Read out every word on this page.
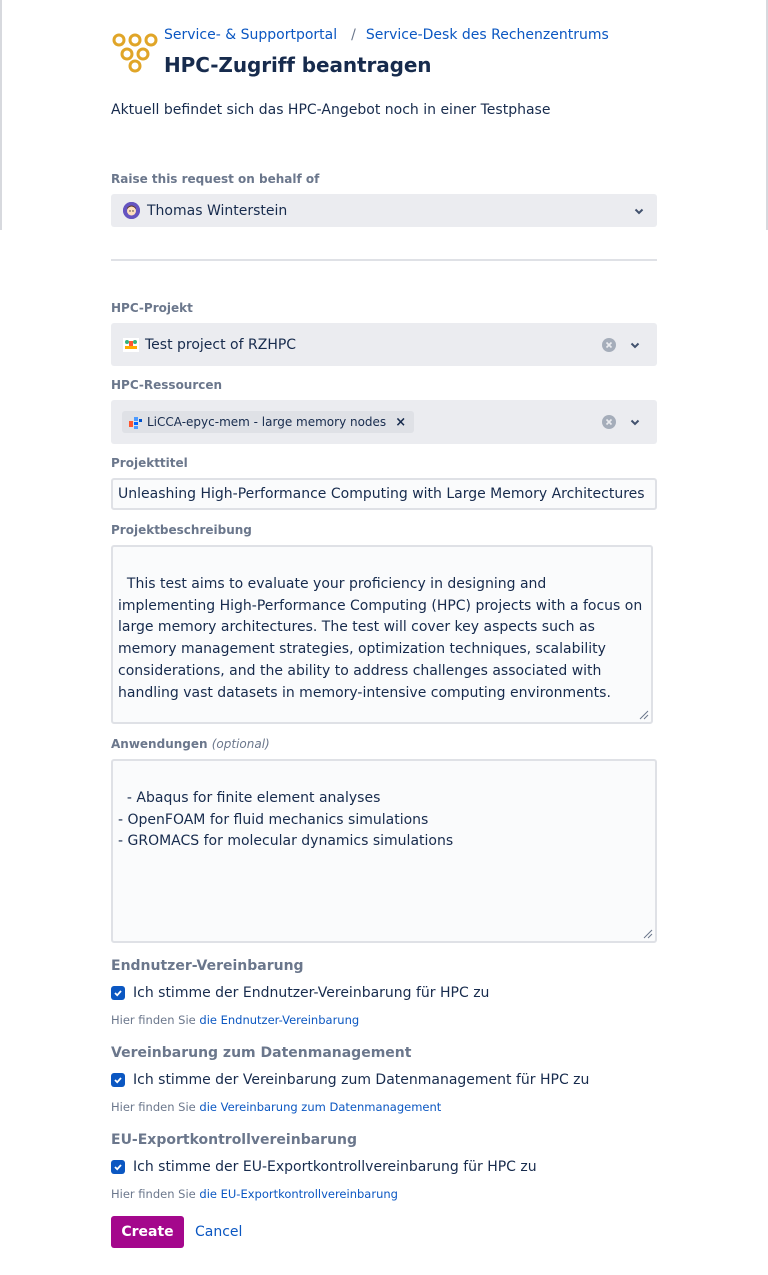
Service- & Supportportal / Service-Desk des Rechenzentrums
HPC-Zugriff beantragen
Aktuell befindet sich das HPC-Angebot noch in einer Testphase
Raise this request on behalf of
Thomas Winterstein
HPC-Projekt
Test project of RZHPC
HPC-Ressourcen
LiCCA-epyc-mem - large memory nodes ×
Projekttitel
Unleashing High-Performance Computing with Large Memory Architectures
Projektbeschreibung

This test aims to evaluate your proficiency in designing and implementing High-Performance Computing (HPC) projects with a focus on large memory architectures. The test will cover key aspects such as memory management strategies, optimization techniques, scalability considerations, and the ability to address challenges associated with handling vast datasets in memory-intensive computing environments.

Anwendungen (optional)

- Abaqus for finite element analyses
- OpenFOAM for fluid mechanics simulations
- GROMACS for molecular dynamics simulations

Endnutzer-Vereinbarung
Ich stimme der Endnutzer-Vereinbarung für HPC zu
Hier finden Sie die Endnutzer-Vereinbarung
Vereinbarung zum Datenmanagement
Ich stimme der Vereinbarung zum Datenmanagement für HPC zu
Hier finden Sie die Vereinbarung zum Datenmanagement
EU-Exportkontrollvereinbarung
Ich stimme der EU-Exportkontrollvereinbarung für HPC zu
Hier finden Sie die EU-Exportkontrollvereinbarung
Create	Cancel
